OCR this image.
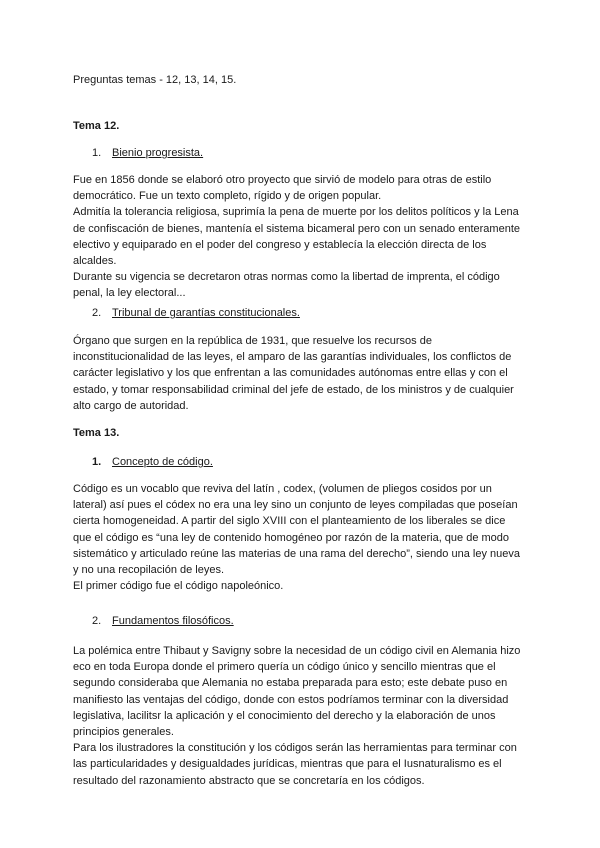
Preguntas temas - 12, 13, 14, 15.

Tema 12.

1. Bienio progresista.
Fue en 1856 donde se elaboró otro proyecto que sirvió de modelo para otras de estilo
democrático. Fue un texto completo, rígido y de origen popular.
Admitía la tolerancia religiosa, suprimía la pena de muerte por los delitos políticos y la Lena
de confiscación de bienes, mantenía el sistema bicameral pero con un senado enteramente
electivo y equiparado en el poder del congreso y establecía la elección directa de los
alcaldes.
Durante su vigencia se decretaron otras normas como la libertad de imprenta, el código
penal, la ley electoral...
2. Tribunal de garantías constitucionales.
Órgano que surgen en la república de 1931, que resuelve los recursos de
inconstitucionalidad de las leyes, el amparo de las garantías individuales, los conflictos de
carácter legislativo y los que enfrentan a las comunidades autónomas entre ellas y con el
estado, y tomar responsabilidad criminal del jefe de estado, de los ministros y de cualquier
alto cargo de autoridad.

Tema 13.

1. Concepto de código.
Código es un vocablo que reviva del latín , codex, (volumen de pliegos cosidos por un
lateral) así pues el códex no era una ley sino un conjunto de leyes compiladas que poseían
cierta homogeneidad. A partir del siglo XVIII con el planteamiento de los liberales se dice
que el código es “una ley de contenido homogéneo por razón de la materia, que de modo
sistemático y articulado reúne las materias de una rama del derecho”, siendo una ley nueva
y no una recopilación de leyes.
El primer código fue el código napoleónico.
2. Fundamentos filosóficos.
La polémica entre Thibaut y Savigny sobre la necesidad de un código civil en Alemania hizo
eco en toda Europa donde el primero quería un código único y sencillo mientras que el
segundo consideraba que Alemania no estaba preparada para esto; este debate puso en
manifiesto las ventajas del código, donde con estos podríamos terminar con la diversidad
legislativa, lacilitsr la aplicación y el conocimiento del derecho y la elaboración de unos
principios generales.
Para los ilustradores la constitución y los códigos serán las herramientas para terminar con
las particularidades y desigualdades jurídicas, mientras que para el Iusnaturalismo es el
resultado del razonamiento abstracto que se concretaría en los códigos.
